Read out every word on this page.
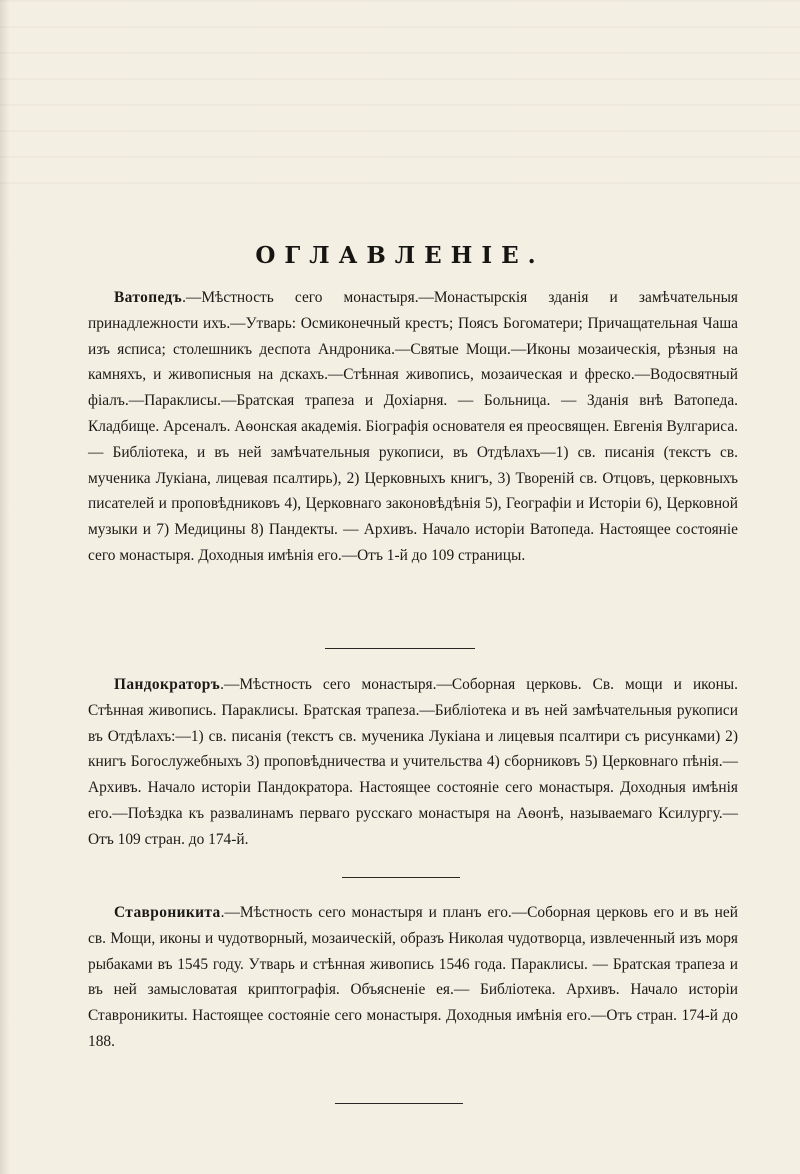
ОГЛАВЛЕНІЕ.

Ватопедъ.—Мѣстность сего монастыря.—Монастырскія зданія и замѣчательныя принадлежности ихъ.—Утварь: Осмиконечный крестъ; Поясъ Богоматери; Причащательная Чаша изъ ясписа; столешникъ деспота Андроника.—Святые Мощи.—Иконы мозаическія, рѣзныя на камняхъ, и живописныя на дскахъ.—Стѣнная живопись, мозаическая и фреско.—Водосвятный фіалъ.—Параклисы.—Братская трапеза и Дохіарня. — Больница. — Зданія внѣ Ватопеда. Кладбище. Арсеналъ. Аѳонская академія. Біографія основателя ея преосвящен. Евгенія Вулгариса. — Библіотека, и въ ней замѣчательныя рукописи, въ Отдѣлахъ—1) св. писанія (текстъ св. мученика Лукіана, лицевая псалтирь), 2) Церковныхъ книгъ, 3) Твореній св. Отцовъ, церковныхъ писателей и проповѣдниковъ 4), Церковнаго законовѣдѣнія 5), Географіи и Исторіи 6), Церковной музыки и 7) Медицины 8) Пандекты. — Архивъ. Начало исторіи Ватопеда. Настоящее состояніе сего монастыря. Доходныя имѣнія его.—Отъ 1-й до 109 страницы.

Пандократоръ.—Мѣстность сего монастыря.—Соборная церковь. Св. мощи и иконы. Стѣнная живопись. Параклисы. Братская трапеза.—Библіотека и въ ней замѣчательныя рукописи въ Отдѣлахъ:—1) св. писанія (текстъ св. мученика Лукіана и лицевыя псалтири съ рисунками) 2) книгъ Богослужебныхъ 3) проповѣдничества и учительства 4) сборниковъ 5) Церковнаго пѣнія.—Архивъ. Начало исторіи Пандократора. Настоящее состояніе сего монастыря. Доходныя имѣнія его.—Поѣздка къ развалинамъ перваго русскаго монастыря на Аѳонѣ, называемаго Ксилургу.—Отъ 109 стран. до 174-й.

Ставроникита.—Мѣстность сего монастыря и планъ его.—Соборная церковь его и въ ней св. Мощи, иконы и чудотворный, мозаическій, образъ Николая чудотворца, извлеченный изъ моря рыбаками въ 1545 году. Утварь и стѣнная живопись 1546 года. Параклисы. — Братская трапеза и въ ней замысловатая криптографія. Объясненіе ея.— Библіотека. Архивъ. Начало исторіи Ставроникиты. Настоящее состояніе сего монастыря. Доходныя имѣнія его.—Отъ стран. 174-й до 188.
